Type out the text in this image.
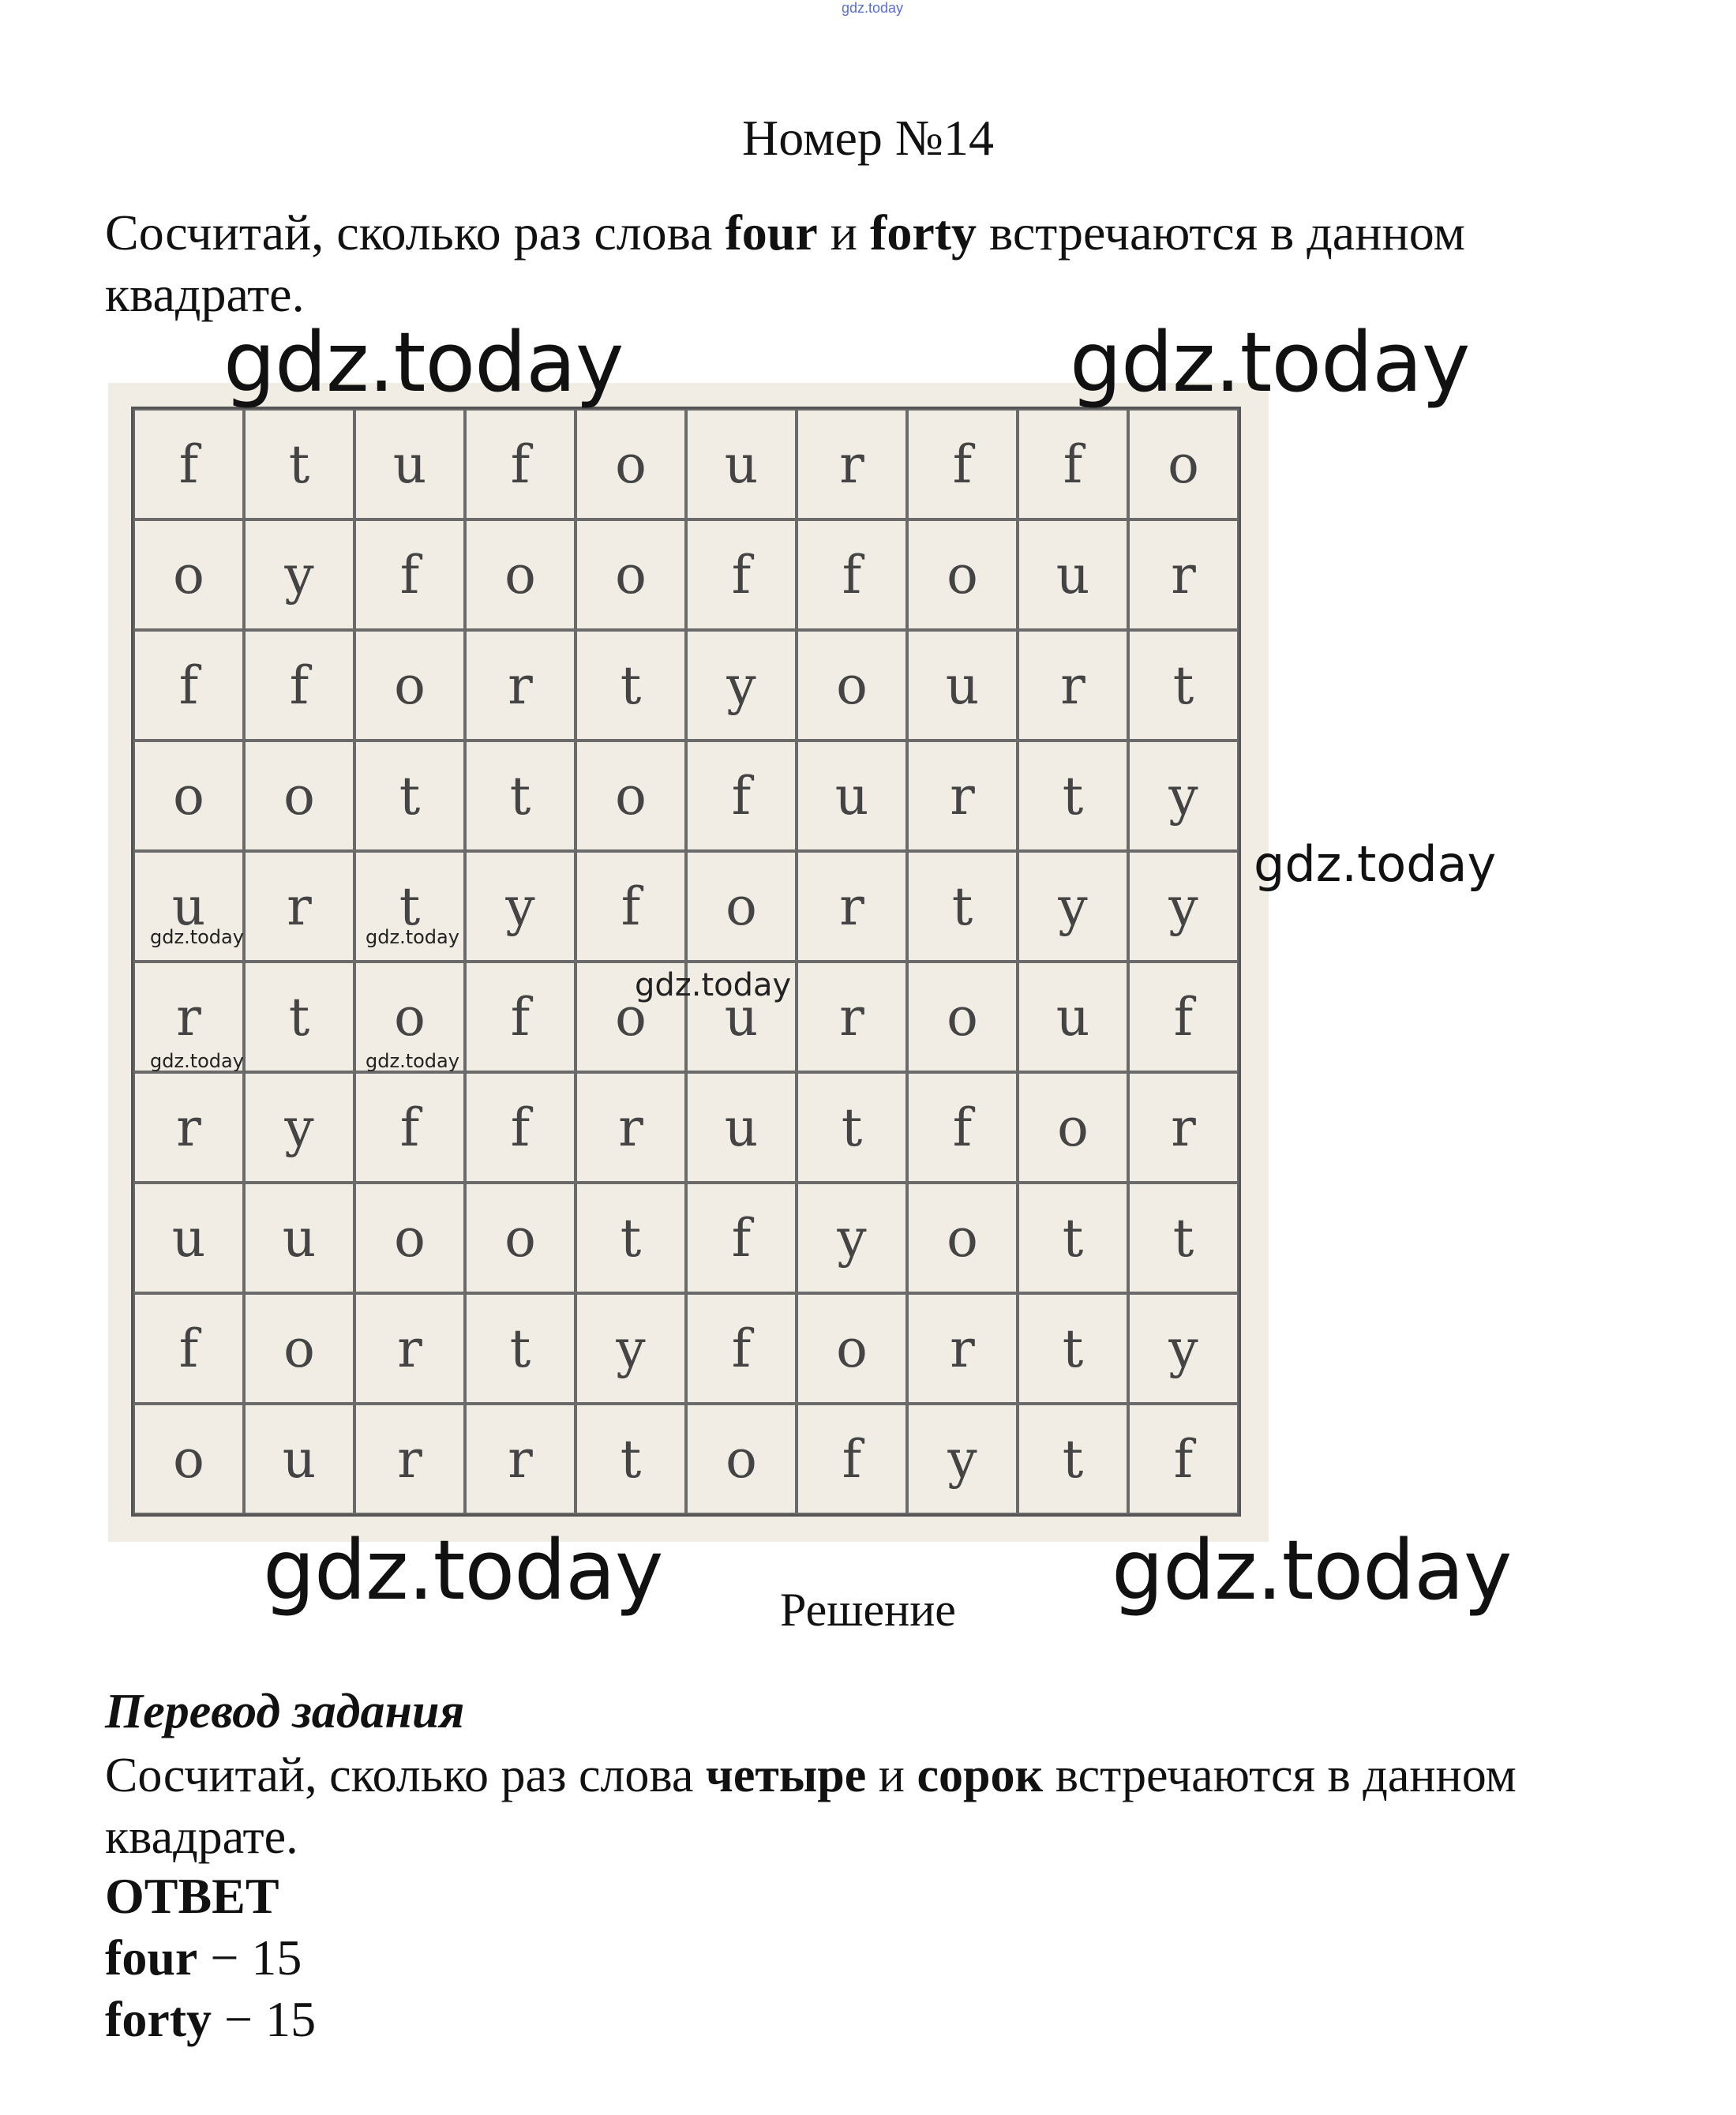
gdz.today
Номер №14
Сосчитай, сколько раз слова four и forty встречаются в данном квадрате.
f	t	u	f	o	u	r	f	f	o
o	y	f	o	o	f	f	o	u	r
f	f	o	r	t	y	o	u	r	t
o	o	t	t	o	f	u	r	t	y
u	r	t	y	f	o	r	t	y	y
r	t	o	f	o	u	r	o	u	f
r	y	f	f	r	u	t	f	o	r
u	u	o	o	t	f	y	o	t	t
f	o	r	t	y	f	o	r	t	y
o	u	r	r	t	o	f	y	t	f
gdz.today	gdz.today
gdz.today
gdz.today	gdz.today
gdz.today
gdz.today	gdz.today
gdz.today	gdz.today
Решение
Перевод задания
Сосчитай, сколько раз слова четыре и сорок встречаются в данном квадрате.
ОТВЕТ
four − 15
forty − 15
